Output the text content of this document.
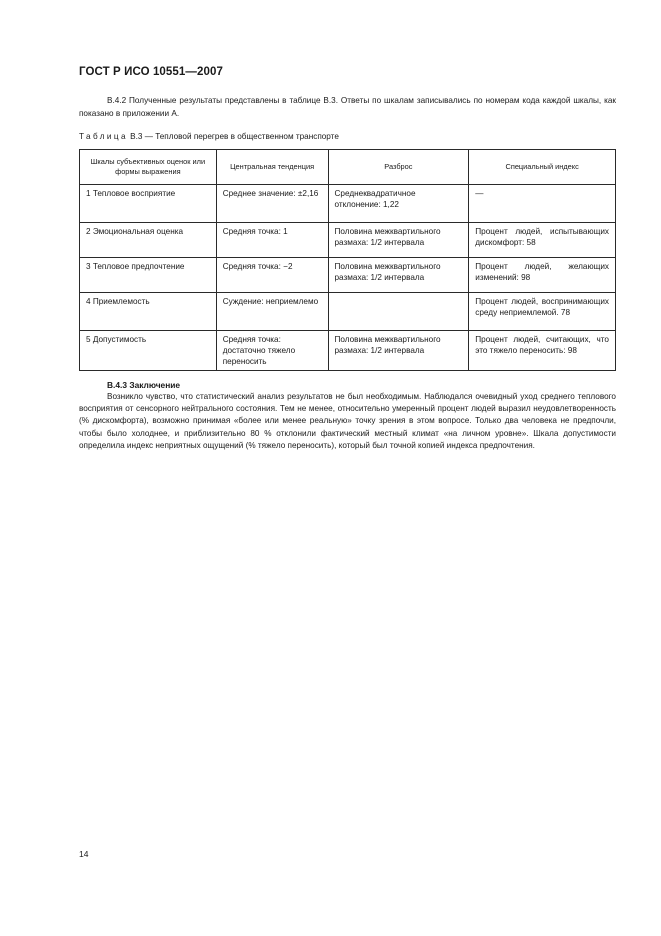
ГОСТ Р ИСО 10551—2007

В.4.2 Полученные результаты представлены в таблице В.3. Ответы по шкалам записывались по номерам кода каждой шкалы, как показано в приложении А.

Таблица В.3 — Тепловой перегрев в общественном транспорте
Шкалы субъективных оценок или формы выражения	Центральная тенденция	Разброс	Специальный индекс
1 Тепловое восприятие	Среднее значение: ±2,16	Среднеквадратичное отклонение: 1,22	—
2 Эмоциональная оценка	Средняя точка: 1	Половина межквартильного размаха: 1/2 интервала	Процент людей, испытывающих дискомфорт: 58
3 Тепловое предпочтение	Средняя точка: −2	Половина межквартильного размаха: 1/2 интервала	Процент людей, желающих изменений: 98
4 Приемлемость	Суждение: неприемлемо		Процент людей, воспринимающих среду неприемлемой. 78
5 Допустимость	Средняя точка: достаточно тяжело переносить	Половина межквартильного размаха: 1/2 интервала	Процент людей, считающих, что это тяжело переносить: 98
В.4.3 Заключение

Возникло чувство, что статистический анализ результатов не был необходимым. Наблюдался очевидный уход среднего теплового восприятия от сенсорного нейтрального состояния. Тем не менее, относительно умеренный процент людей выразил неудовлетворенность (% дискомфорта), возможно принимая «более или менее реальную» точку зрения в этом вопросе. Только два человека не предпочли, чтобы было холоднее, и приблизительно 80 % отклонили фактический местный климат «на личном уровне». Шкала допустимости определила индекс неприятных ощущений (% тяжело переносить), который был точной копией индекса предпочтения.

14
